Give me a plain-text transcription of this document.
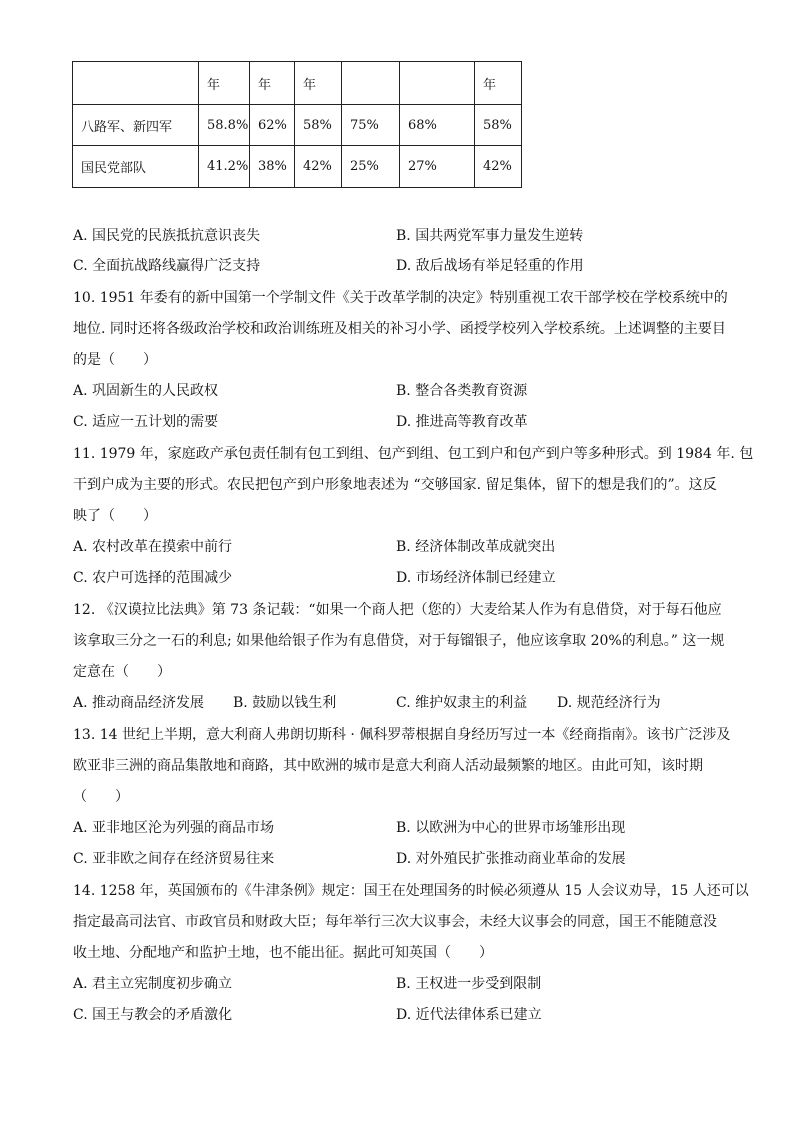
	年	年	年			年
八路军、新四军	58.8%	62%	58%	75%	68%	58%
国民党部队	41.2%	38%	42%	25%	27%	42%
A. 国民党的民族抵抗意识丧失	B. 国共两党军事力量发生逆转
C. 全面抗战路线赢得广泛支持	D. 敌后战场有举足轻重的作用
10. 1951 年委有的新中国第一个学制文件《关于改革学制的决定》特别重视工农干部学校在学校系统中的
地位. 同时还将各级政治学校和政治训练班及相关的补习小学、函授学校列入学校系统。上述调整的主要目
的是（　　）
A. 巩固新生的人民政权	B. 整合各类教育资源
C. 适应一五计划的需要	D. 推进高等教育改革
11. 1979 年，家庭政产承包责任制有包工到组、包产到组、包工到户和包产到户等多种形式。到 1984 年. 包
干到户成为主要的形式。农民把包产到户形象地表述为 “交够国家. 留足集体，留下的想是我们的”。这反
映了（　　）
A. 农村改革在摸索中前行	B. 经济体制改革成就突出
C. 农户可选择的范围减少	D. 市场经济体制已经建立
12. 《汉谟拉比法典》第 73 条记载：“如果一个商人把（您的）大麦给某人作为有息借贷，对于每石他应
该拿取三分之一石的利息; 如果他给银子作为有息借贷，对于每镏银子，他应该拿取 20%的利息。” 这一规
定意在（　　）
A. 推动商品经济发展 B. 鼓励以钱生利	C. 维护奴隶主的利益 D. 规范经济行为
13. 14 世纪上半期，意大利商人弗朗切斯科 · 佩科罗蒂根据自身经历写过一本《经商指南》。该书广泛涉及
欧亚非三洲的商品集散地和商路，其中欧洲的城市是意大利商人活动最频繁的地区。由此可知，该时期
（　　）
A. 亚非地区沦为列强的商品市场	B. 以欧洲为中心的世界市场雏形出现
C. 亚非欧之间存在经济贸易往来	D. 对外殖民扩张推动商业革命的发展
14. 1258 年，英国颁布的《牛津条例》规定：国王在处理国务的时候必须遵从 15 人会议劝导，15 人还可以
指定最高司法官、市政官员和财政大臣；每年举行三次大议事会，未经大议事会的同意，国王不能随意没
收土地、分配地产和监护土地，也不能出征。据此可知英国（　　）
A. 君主立宪制度初步确立	B. 王权进一步受到限制
C. 国王与教会的矛盾激化	D. 近代法律体系已建立
